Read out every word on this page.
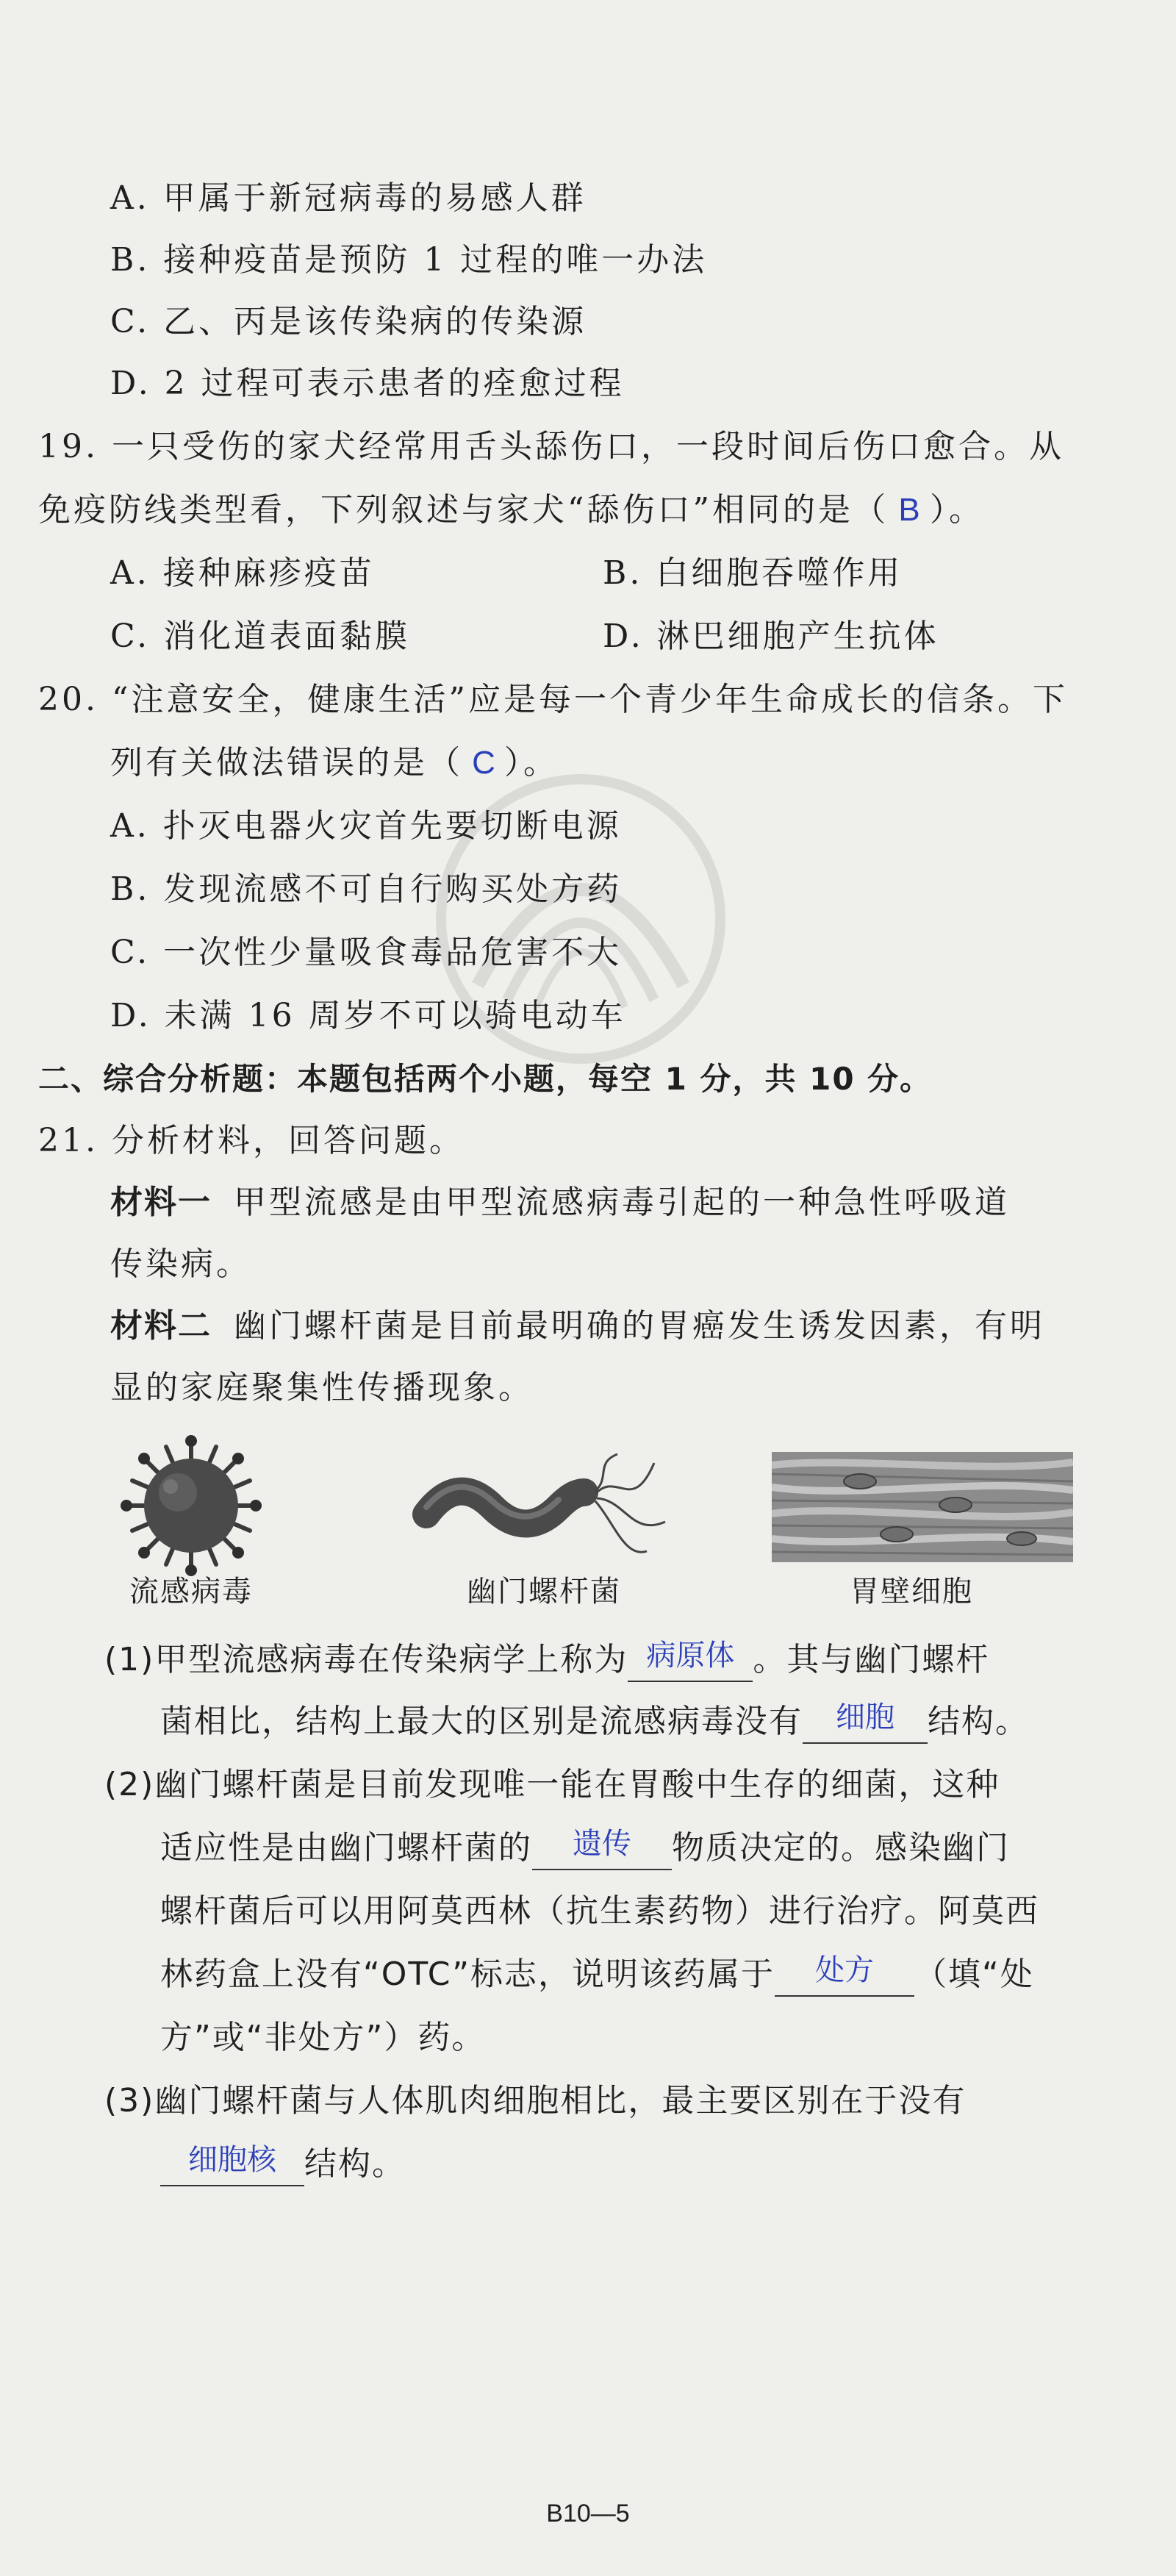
A. 甲属于新冠病毒的易感人群
B. 接种疫苗是预防 1 过程的唯一办法
C. 乙、丙是该传染病的传染源
D. 2 过程可表示患者的痊愈过程
19. 一只受伤的家犬经常用舌头舔伤口，一段时间后伤口愈合。从
免疫防线类型看，下列叙述与家犬“舔伤口”相同的是（ B ）。
A. 接种麻疹疫苗	B. 白细胞吞噬作用
C. 消化道表面黏膜	D. 淋巴细胞产生抗体
20. “注意安全，健康生活”应是每一个青少年生命成长的信条。下
列有关做法错误的是（ C ）。
A. 扑灭电器火灾首先要切断电源
B. 发现流感不可自行购买处方药
C. 一次性少量吸食毒品危害不大
D. 未满 16 周岁不可以骑电动车
二、综合分析题：本题包括两个小题，每空 1 分，共 10 分。
21. 分析材料，回答问题。
材料一 甲型流感是由甲型流感病毒引起的一种急性呼吸道
传染病。
材料二 幽门螺杆菌是目前最明确的胃癌发生诱发因素，有明
显的家庭聚集性传播现象。
流感病毒	幽门螺杆菌	胃壁细胞
(1)甲型流感病毒在传染病学上称为 病原体 。其与幽门螺杆
菌相比，结构上最大的区别是流感病毒没有	细胞	结构。
(2)幽门螺杆菌是目前发现唯一能在胃酸中生存的细菌，这种
适应性是由幽门螺杆菌的	遗传	物质决定的。感染幽门
螺杆菌后可以用阿莫西林（抗生素药物）进行治疗。阿莫西
林药盒上没有“OTC”标志，说明该药属于	处方	（填“处
方”或“非处方”）药。
(3)幽门螺杆菌与人体肌肉细胞相比，最主要区别在于没有
细胞核 结构。
B10—5
